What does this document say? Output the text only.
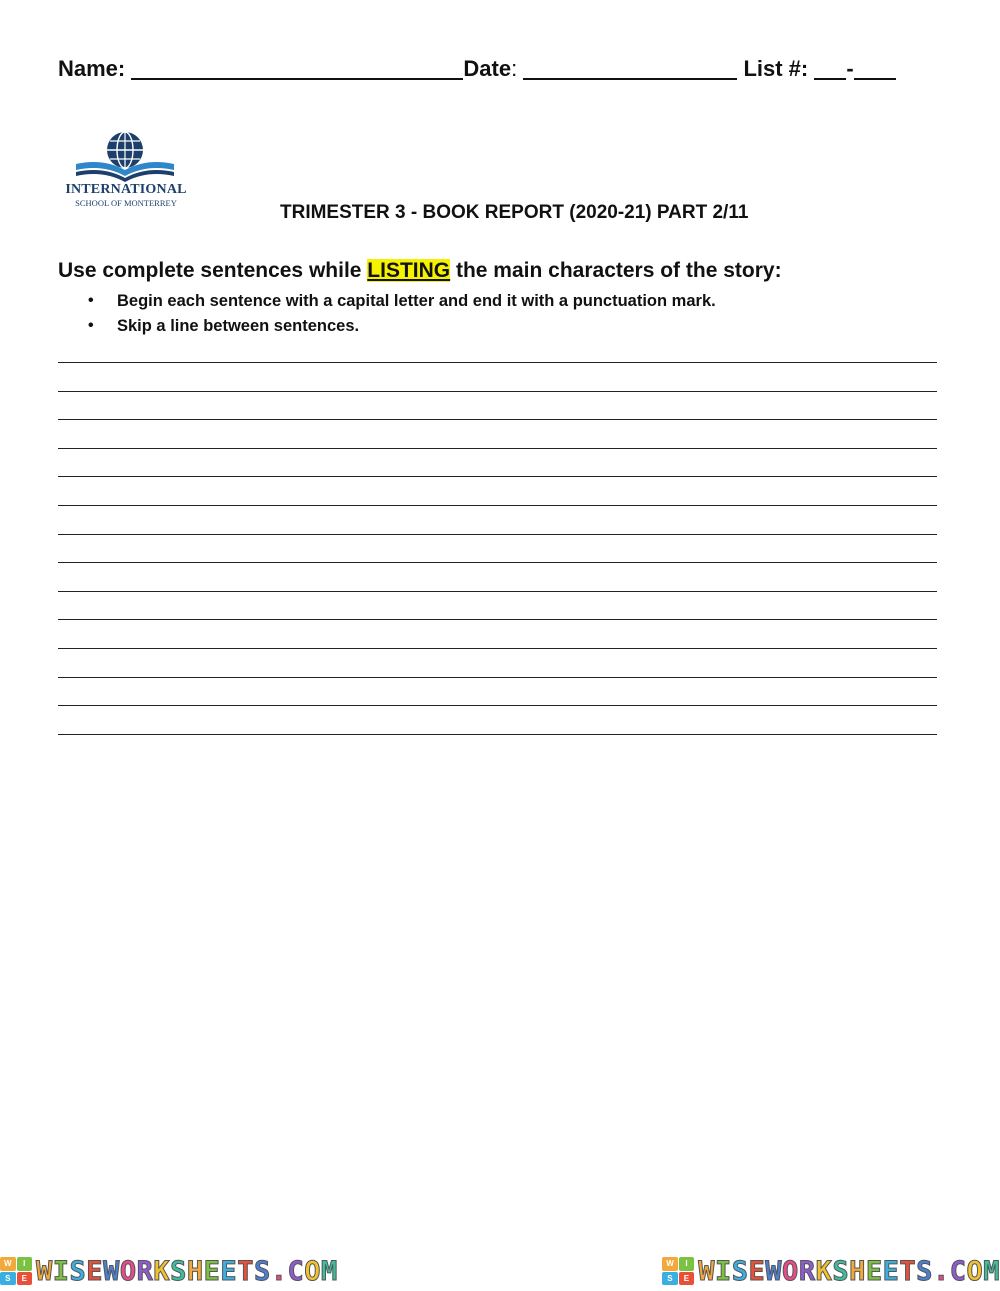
Name:	Date:	List #: -
INTERNATIONAL
SCHOOL OF MONTERREY	TRIMESTER 3 - BOOK REPORT (2020-21) PART 2/11
Use complete sentences while LISTING the main characters of the story:
• Begin each sentence with a capital letter and end it with a punctuation mark.
• Skip a line between sentences.
W	I
S	E WISEWORKSHEETS.COM	W	I
S	E WISEWORKSHEETS.COM
